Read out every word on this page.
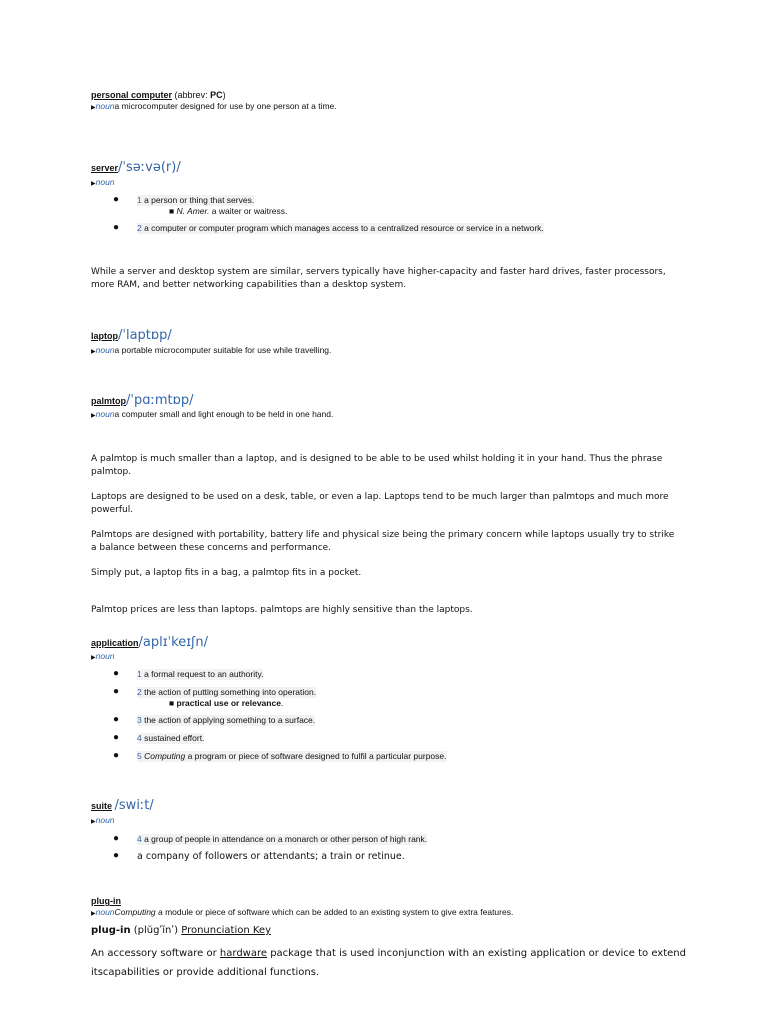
personal computer (abbrev: PC)
▶nouna microcomputer designed for use by one person at a time.
server/ˈsəːvə(r)/
▶noun
● 1 a person or thing that serves.
■ N. Amer. a waiter or waitress.
● 2 a computer or computer program which manages access to a centralized resource or service in a network.
While a server and desktop system are similar, servers typically have higher-capacity and faster hard drives, faster processors, more RAM, and better networking capabilities than a desktop system.
laptop/ˈlaptɒp/
▶nouna portable microcomputer suitable for use while travelling.
palmtop/ˈpɑːmtɒp/
▶nouna computer small and light enough to be held in one hand.
A palmtop is much smaller than a laptop, and is designed to be able to be used whilst holding it in your hand. Thus the phrase palmtop.
Laptops are designed to be used on a desk, table, or even a lap. Laptops tend to be much larger than palmtops and much more powerful.
Palmtops are designed with portability, battery life and physical size being the primary concern while laptops usually try to strike a balance between these concerns and performance.
Simply put, a laptop fits in a bag, a palmtop fits in a pocket.
Palmtop prices are less than laptops. palmtops are highly sensitive than the laptops.
application/aplɪˈkeɪʃn/
▶noun
● 1 a formal request to an authority.
● 2 the action of putting something into operation.
■ practical use or relevance.
● 3 the action of applying something to a surface.
● 4 sustained effort.
● 5 Computing a program or piece of software designed to fulfil a particular purpose.
suite /swiːt/
▶noun
● 4 a group of people in attendance on a monarch or other person of high rank.
● a company of followers or attendants; a train or retinue.
plug-in
▶nounComputing a module or piece of software which can be added to an existing system to give extra features.
plug-in (plŭgʹĭnʹ) Pronunciation Key
An accessory software or hardware package that is used inconjunction with an existing application or device to extend itscapabilities or provide additional functions.
